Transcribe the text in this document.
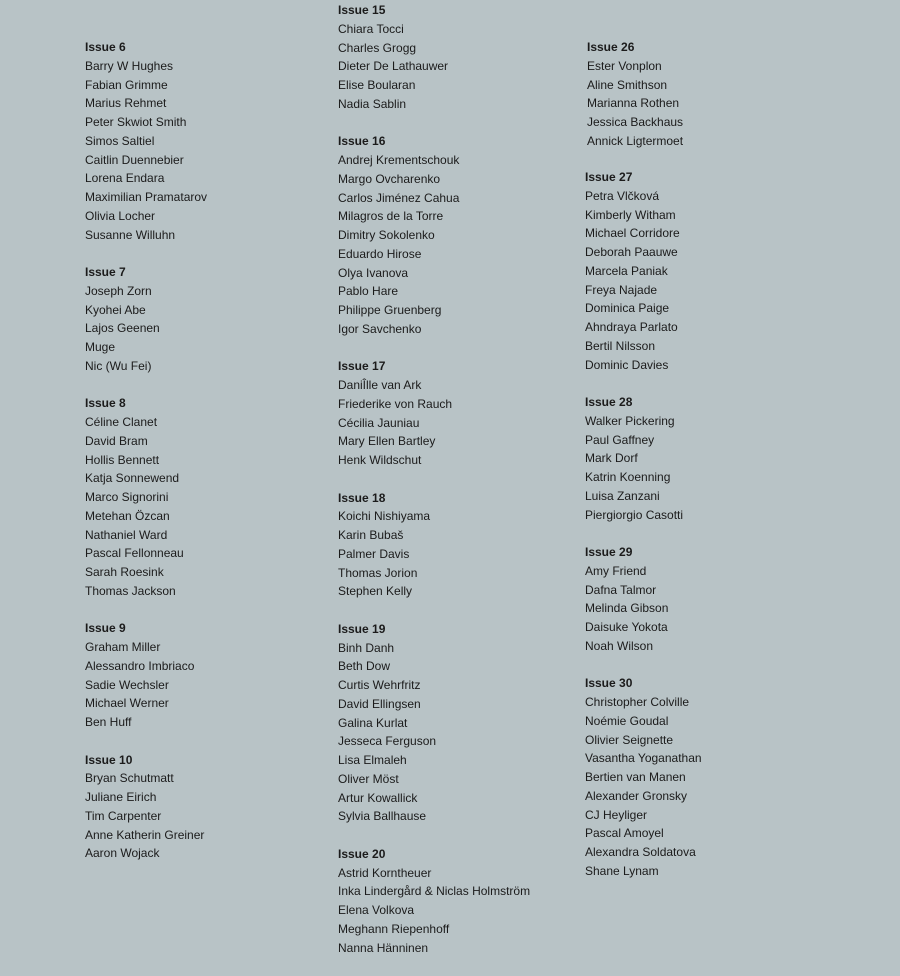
Issue 6
Barry W Hughes
Fabian Grimme
Marius Rehmet
Peter Skwiot Smith
Simos Saltiel
Caitlin Duennebier
Lorena Endara
Maximilian Pramatarov
Olivia Locher
Susanne Willuhn
Issue 7
Joseph Zorn
Kyohei Abe
Lajos Geenen
Muge
Nic (Wu Fei)
Issue 8
Céline Clanet
David Bram
Hollis Bennett
Katja Sonnewend
Marco Signorini
Metehan Özcan
Nathaniel Ward
Pascal Fellonneau
Sarah Roesink
Thomas Jackson
Issue 9
Graham Miller
Alessandro Imbriaco
Sadie Wechsler
Michael Werner
Ben Huff
Issue 10
Bryan Schutmatt
Juliane Eirich
Tim Carpenter
Anne Katherin Greiner
Aaron Wojack
Issue 15
Chiara Tocci
Charles Grogg
Dieter De Lathauwer
Elise Boularan
Nadia Sablin
Issue 16
Andrej Krementschouk
Margo Ovcharenko
Carlos Jiménez Cahua
Milagros de la Torre
Dimitry Sokolenko
Eduardo Hirose
Olya Ivanova
Pablo Hare
Philippe Gruenberg
Igor Savchenko
Issue 17
DaniÎlle van Ark
Friederike von Rauch
Cécilia Jauniau
Mary Ellen Bartley
Henk Wildschut
Issue 18
Koichi Nishiyama
Karin Bubaš
Palmer Davis
Thomas Jorion
Stephen Kelly
Issue 19
Binh Danh
Beth Dow
Curtis Wehrfritz
David Ellingsen
Galina Kurlat
Jesseca Ferguson
Lisa Elmaleh
Oliver Möst
Artur Kowallick
Sylvia Ballhause
Issue 20
Astrid Korntheuer
Inka Lindergård & Niclas Holmström
Elena Volkova
Meghann Riepenhoff
Nanna Hänninen
Issue 26
Ester Vonplon
Aline Smithson
Marianna Rothen
Jessica Backhaus
Annick Ligtermoet
Issue 27
Petra Vlčková
Kimberly Witham
Michael Corridore
Deborah Paauwe
Marcela Paniak
Freya Najade
Dominica Paige
Ahndraya Parlato
Bertil Nilsson
Dominic Davies
Issue 28
Walker Pickering
Paul Gaffney
Mark Dorf
Katrin Koenning
Luisa Zanzani
Piergiorgio Casotti
Issue 29
Amy Friend
Dafna Talmor
Melinda Gibson
Daisuke Yokota
Noah Wilson
Issue 30
Christopher Colville
Noémie Goudal
Olivier Seignette
Vasantha Yoganathan
Bertien van Manen
Alexander Gronsky
CJ Heyliger
Pascal Amoyel
Alexandra Soldatova
Shane Lynam
